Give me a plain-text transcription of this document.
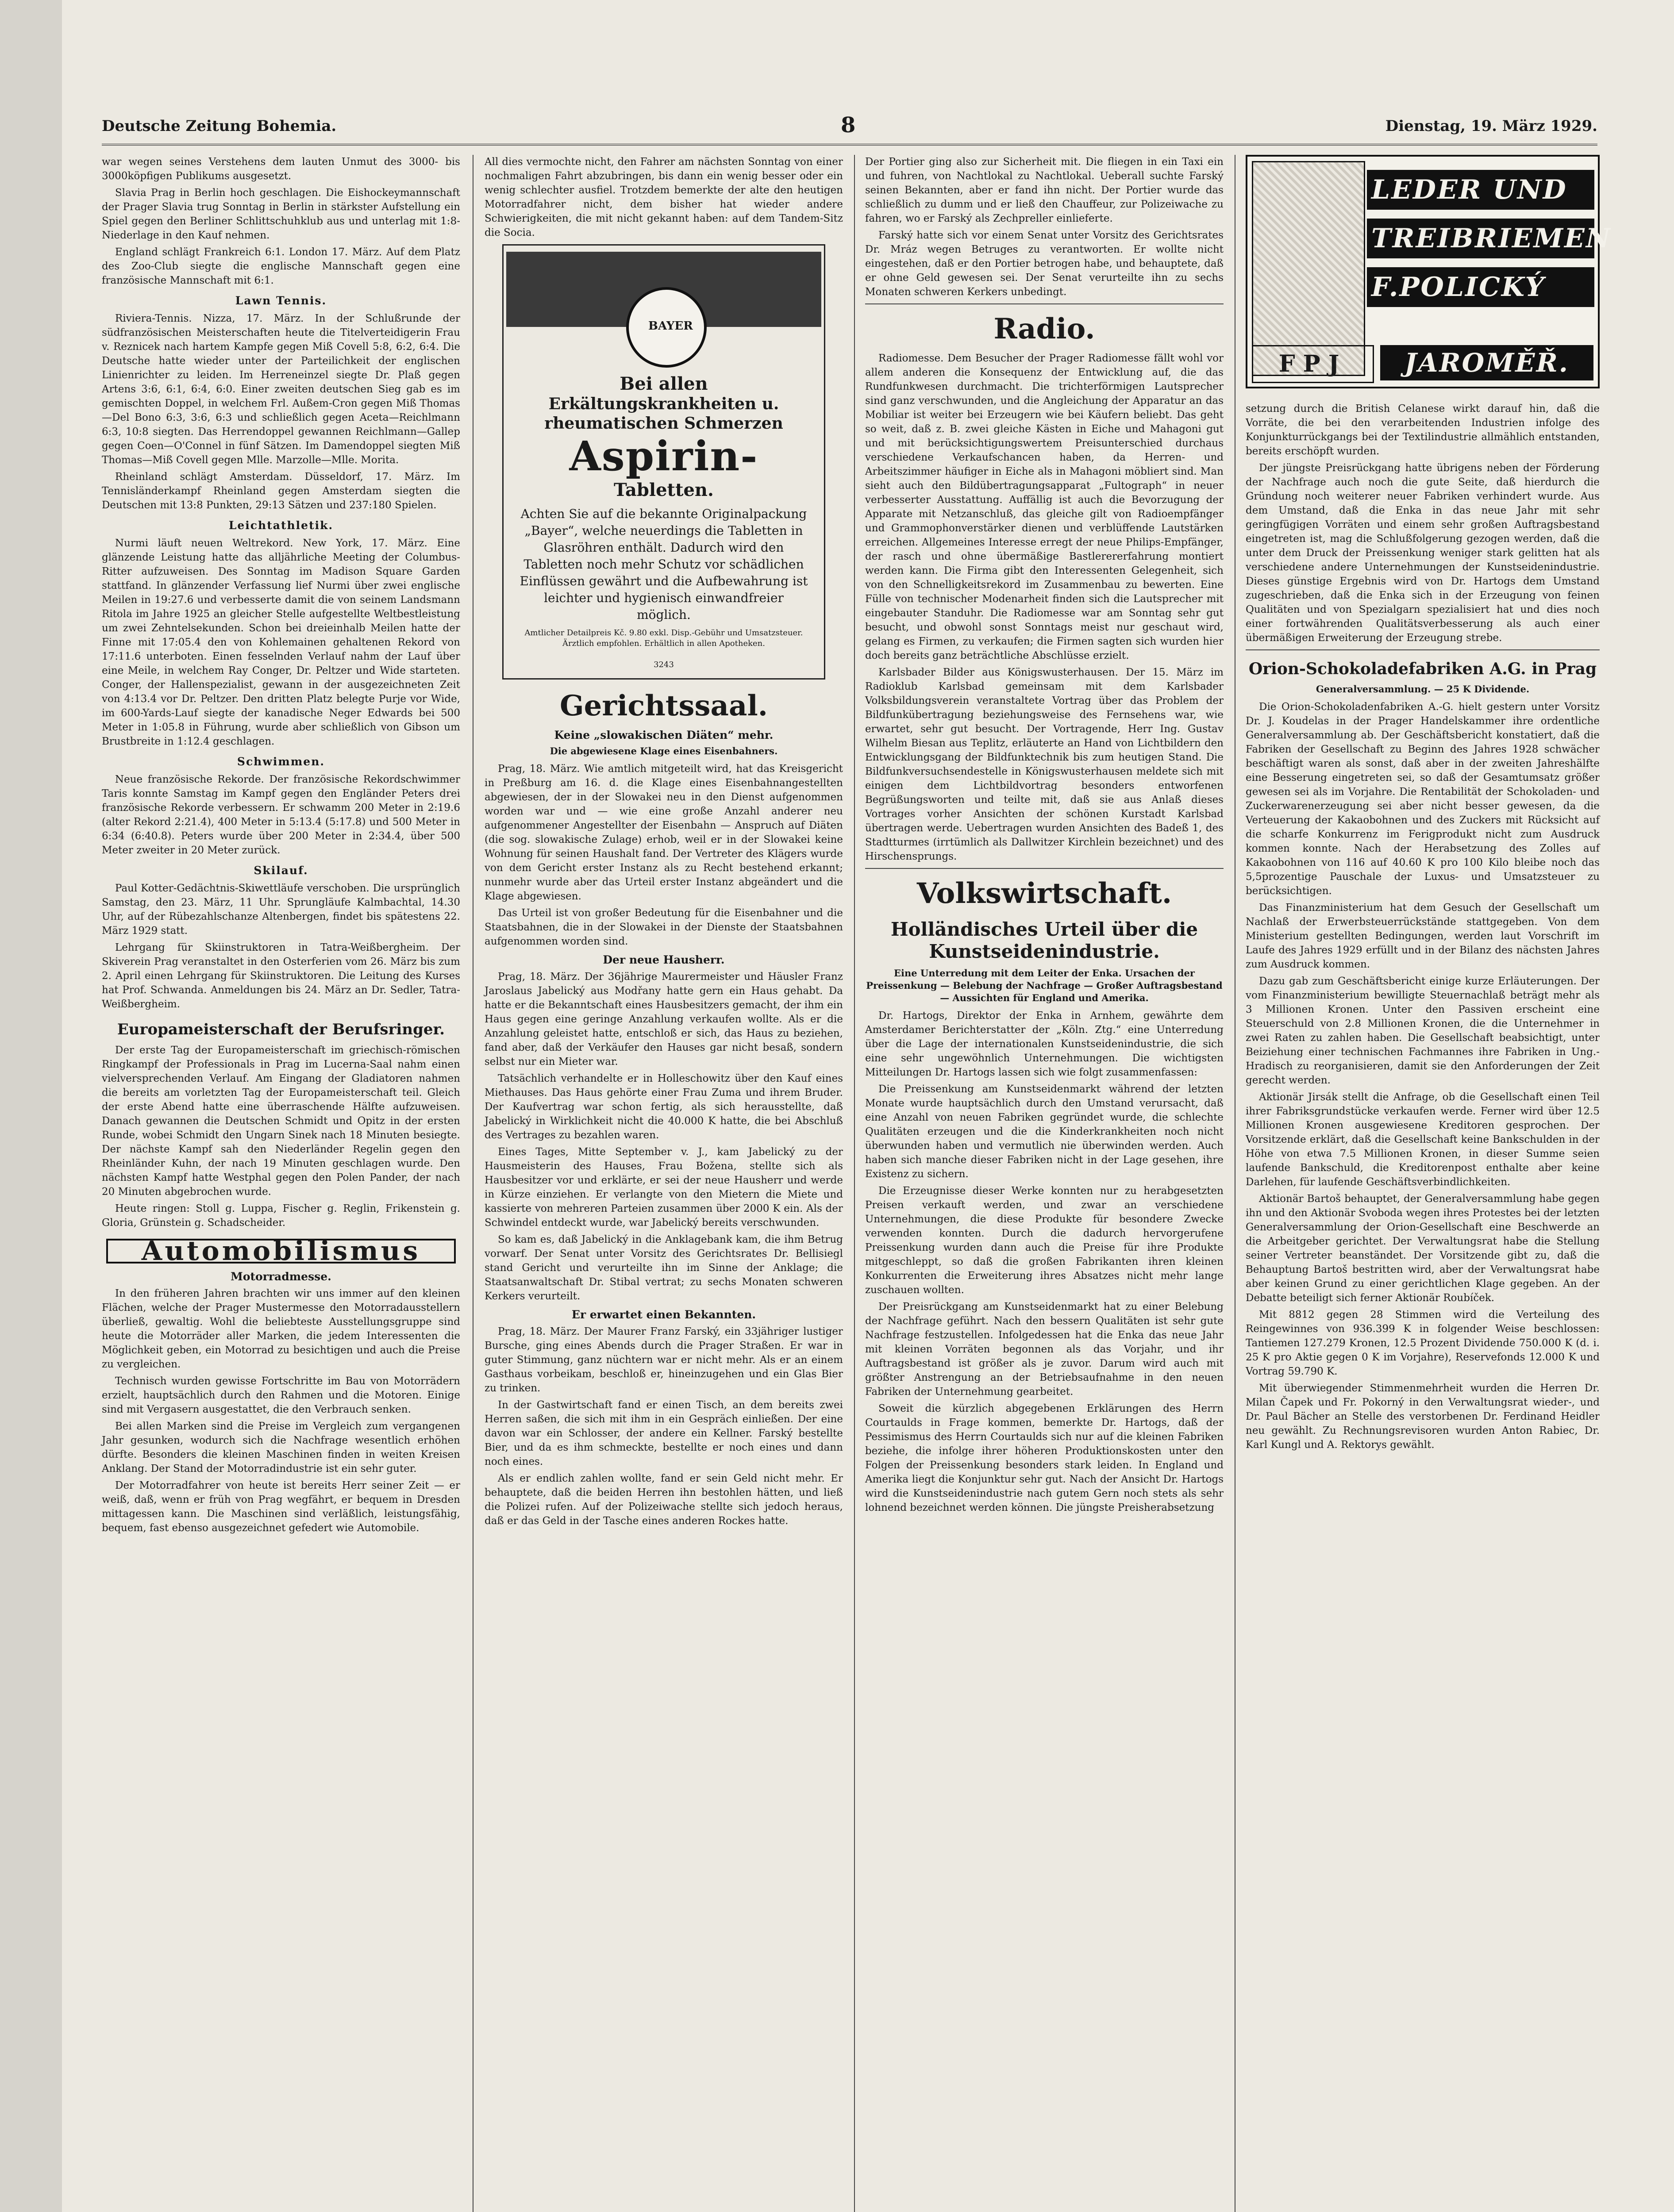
Deutsche Zeitung Bohemia.	8	Dienstag, 19. März 1929.

war wegen seines Verstehens dem lauten Unmut des 3000- bis 3000köpfigen Publikums ausgesetzt.

Slavia Prag in Berlin hoch geschlagen. Die Eishockeymannschaft der Prager Slavia trug Sonntag in Berlin in stärkster Aufstellung ein Spiel gegen den Berliner Schlittschuhklub aus und unterlag mit 1:8-Niederlage in den Kauf nehmen.

England schlägt Frankreich 6:1. London 17. März. Auf dem Platz des Zoo-Club siegte die englische Mannschaft gegen eine französische Mannschaft mit 6:1.

Lawn Tennis.

Riviera-Tennis. Nizza, 17. März. In der Schlußrunde der südfranzösischen Meisterschaften heute die Titelverteidigerin Frau v. Reznicek nach hartem Kampfe gegen Miß Covell 5:8, 6:2, 6:4. Die Deutsche hatte wieder unter der Parteilichkeit der englischen Linienrichter zu leiden. Im Herreneinzel siegte Dr. Plaß gegen Artens 3:6, 6:1, 6:4, 6:0. Einer zweiten deutschen Sieg gab es im gemischten Doppel, in welchem Frl. Außem-Cron gegen Miß Thomas—Del Bono 6:3, 3:6, 6:3 und schließlich gegen Aceta—Reichlmann 6:3, 10:8 siegten. Das Herrendoppel gewannen Reichlmann—Gallep gegen Coen—O'Connel in fünf Sätzen. Im Damendoppel siegten Miß Thomas—Miß Covell gegen Mlle. Marzolle—Mlle. Morita.

Rheinland schlägt Amsterdam. Düsseldorf, 17. März. Im Tennisländerkampf Rheinland gegen Amsterdam siegten die Deutschen mit 13:8 Punkten, 29:13 Sätzen und 237:180 Spielen.

Leichtathletik.

Nurmi läuft neuen Weltrekord. New York, 17. März. Eine glänzende Leistung hatte das alljährliche Meeting der Columbus-Ritter aufzuweisen. Des Sonntag im Madison Square Garden stattfand. In glänzender Verfassung lief Nurmi über zwei englische Meilen in 19:27.6 und verbesserte damit die von seinem Landsmann Ritola im Jahre 1925 an gleicher Stelle aufgestellte Weltbestleistung um zwei Zehntelsekunden. Schon bei dreieinhalb Meilen hatte der Finne mit 17:05.4 den von Kohlemainen gehaltenen Rekord von 17:11.6 unterboten. Einen fesselnden Verlauf nahm der Lauf über eine Meile, in welchem Ray Conger, Dr. Peltzer und Wide starteten. Conger, der Hallenspezialist, gewann in der ausgezeichneten Zeit von 4:13.4 vor Dr. Peltzer. Den dritten Platz belegte Purje vor Wide, im 600-Yards-Lauf siegte der kanadische Neger Edwards bei 500 Meter in 1:05.8 in Führung, wurde aber schließlich von Gibson um Brustbreite in 1:12.4 geschlagen.

Schwimmen.

Neue französische Rekorde. Der französische Rekordschwimmer Taris konnte Samstag im Kampf gegen den Engländer Peters drei französische Rekorde verbessern. Er schwamm 200 Meter in 2:19.6 (alter Rekord 2:21.4), 400 Meter in 5:13.4 (5:17.8) und 500 Meter in 6:34 (6:40.8). Peters wurde über 200 Meter in 2:34.4, über 500 Meter zweiter in 20 Meter zurück.

Skilauf.

Paul Kotter-Gedächtnis-Skiwettläufe verschoben. Die ursprünglich Samstag, den 23. März, 11 Uhr. Sprungläufe Kalmbachtal, 14.30 Uhr, auf der Rübezahlschanze Altenbergen, findet bis spätestens 22. März 1929 statt.

Lehrgang für Skiinstruktoren in Tatra-Weißbergheim. Der Skiverein Prag veranstaltet in den Osterferien vom 26. März bis zum 2. April einen Lehrgang für Skiinstruktoren. Die Leitung des Kurses hat Prof. Schwanda. Anmeldungen bis 24. März an Dr. Sedler, Tatra-Weißbergheim.

Europameisterschaft der Berufsringer.

Der erste Tag der Europameisterschaft im griechisch-römischen Ringkampf der Professionals in Prag im Lucerna-Saal nahm einen vielversprechenden Verlauf. Am Eingang der Gladiatoren nahmen die bereits am vorletzten Tag der Europameisterschaft teil. Gleich der erste Abend hatte eine überraschende Hälfte aufzuweisen. Danach gewannen die Deutschen Schmidt und Opitz in der ersten Runde, wobei Schmidt den Ungarn Sinek nach 18 Minuten besiegte. Der nächste Kampf sah den Niederländer Regelin gegen den Rheinländer Kuhn, der nach 19 Minuten geschlagen wurde. Den nächsten Kampf hatte Westphal gegen den Polen Pander, der nach 20 Minuten abgebrochen wurde.

Heute ringen: Stoll g. Luppa, Fischer g. Reglin, Frikenstein g. Gloria, Grünstein g. Schadscheider.

Automobilismus
Motorradmesse.

In den früheren Jahren brachten wir uns immer auf den kleinen Flächen, welche der Prager Mustermesse den Motorradausstellern überließ, gewaltig. Wohl die beliebteste Ausstellungsgruppe sind heute die Motorräder aller Marken, die jedem Interessenten die Möglichkeit geben, ein Motorrad zu besichtigen und auch die Preise zu vergleichen.

Technisch wurden gewisse Fortschritte im Bau von Motorrädern erzielt, hauptsächlich durch den Rahmen und die Motoren. Einige sind mit Vergasern ausgestattet, die den Verbrauch senken.

Bei allen Marken sind die Preise im Vergleich zum vergangenen Jahr gesunken, wodurch sich die Nachfrage wesentlich erhöhen dürfte. Besonders die kleinen Maschinen finden in weiten Kreisen Anklang. Der Stand der Motorradindustrie ist ein sehr guter.

Der Motorradfahrer von heute ist bereits Herr seiner Zeit — er weiß, daß, wenn er früh von Prag wegfährt, er bequem in Dresden mittagessen kann. Die Maschinen sind verläßlich, leistungsfähig, bequem, fast ebenso ausgezeichnet gefedert wie Automobile.

All dies vermochte nicht, den Fahrer am nächsten Sonntag von einer nochmaligen Fahrt abzubringen, bis dann ein wenig besser oder ein wenig schlechter ausfiel. Trotzdem bemerkte der alte den heutigen Motorradfahrer nicht, dem bisher hat wieder andere Schwierigkeiten, die mit nicht gekannt haben: auf dem Tandem-Sitz die Socia.

BAYER
Bei allen
Erkältungskrankheiten u. rheumatischen Schmerzen
Aspirin-
Tabletten.
Achten Sie auf die bekannte Originalpackung „Bayer“, welche neuerdings die Tabletten in Glasröhren enthält. Dadurch wird den Tabletten noch mehr Schutz vor schädlichen Einflüssen gewährt und die Aufbewahrung ist leichter und hygienisch einwandfreier möglich.
Amtlicher Detailpreis Kč. 9.80 exkl. Disp.-Gebühr und Umsatzsteuer. Ärztlich empfohlen. Erhältlich in allen Apotheken.
3243
Gerichtssaal.
Keine „slowakischen Diäten“ mehr.
Die abgewiesene Klage eines Eisenbahners.

Prag, 18. März. Wie amtlich mitgeteilt wird, hat das Kreisgericht in Preßburg am 16. d. die Klage eines Eisenbahnangestellten abgewiesen, der in der Slowakei neu in den Dienst aufgenommen worden war und — wie eine große Anzahl anderer neu aufgenommener Angestellter der Eisenbahn — Anspruch auf Diäten (die sog. slowakische Zulage) erhob, weil er in der Slowakei keine Wohnung für seinen Haushalt fand. Der Vertreter des Klägers wurde von dem Gericht erster Instanz als zu Recht bestehend erkannt; nunmehr wurde aber das Urteil erster Instanz abgeändert und die Klage abgewiesen.

Das Urteil ist von großer Bedeutung für die Eisenbahner und die Staatsbahnen, die in der Slowakei in der Dienste der Staatsbahnen aufgenommen worden sind.

Der neue Hausherr.

Prag, 18. März. Der 36jährige Maurermeister und Häusler Franz Jaroslaus Jabelický aus Modřany hatte gern ein Haus gehabt. Da hatte er die Bekanntschaft eines Hausbesitzers gemacht, der ihm ein Haus gegen eine geringe Anzahlung verkaufen wollte. Als er die Anzahlung geleistet hatte, entschloß er sich, das Haus zu beziehen, fand aber, daß der Verkäufer den Hauses gar nicht besaß, sondern selbst nur ein Mieter war.

Tatsächlich verhandelte er in Holleschowitz über den Kauf eines Miethauses. Das Haus gehörte einer Frau Zuma und ihrem Bruder. Der Kaufvertrag war schon fertig, als sich herausstellte, daß Jabelický in Wirklichkeit nicht die 40.000 K hatte, die bei Abschluß des Vertrages zu bezahlen waren.

Eines Tages, Mitte September v. J., kam Jabelický zu der Hausmeisterin des Hauses, Frau Božena, stellte sich als Hausbesitzer vor und erklärte, er sei der neue Hausherr und werde in Kürze einziehen. Er verlangte von den Mietern die Miete und kassierte von mehreren Parteien zusammen über 2000 K ein. Als der Schwindel entdeckt wurde, war Jabelický bereits verschwunden.

So kam es, daß Jabelický in die Anklagebank kam, die ihm Betrug vorwarf. Der Senat unter Vorsitz des Gerichtsrates Dr. Bellisiegl stand Gericht und verurteilte ihn im Sinne der Anklage; die Staatsanwaltschaft Dr. Stibal vertrat; zu sechs Monaten schweren Kerkers verurteilt.

Er erwartet einen Bekannten.

Prag, 18. März. Der Maurer Franz Farský, ein 33jähriger lustiger Bursche, ging eines Abends durch die Prager Straßen. Er war in guter Stimmung, ganz nüchtern war er nicht mehr. Als er an einem Gasthaus vorbeikam, beschloß er, hineinzugehen und ein Glas Bier zu trinken.

In der Gastwirtschaft fand er einen Tisch, an dem bereits zwei Herren saßen, die sich mit ihm in ein Gespräch einließen. Der eine davon war ein Schlosser, der andere ein Kellner. Farský bestellte Bier, und da es ihm schmeckte, bestellte er noch eines und dann noch eines.

Als er endlich zahlen wollte, fand er sein Geld nicht mehr. Er behauptete, daß die beiden Herren ihn bestohlen hätten, und ließ die Polizei rufen. Auf der Polizeiwache stellte sich jedoch heraus, daß er das Geld in der Tasche eines anderen Rockes hatte.

Der Portier ging also zur Sicherheit mit. Die fliegen in ein Taxi ein und fuhren, von Nachtlokal zu Nachtlokal. Ueberall suchte Farský seinen Bekannten, aber er fand ihn nicht. Der Portier wurde das schließlich zu dumm und er ließ den Chauffeur, zur Polizeiwache zu fahren, wo er Farský als Zechpreller einlieferte.

Farský hatte sich vor einem Senat unter Vorsitz des Gerichtsrates Dr. Mráz wegen Betruges zu verantworten. Er wollte nicht eingestehen, daß er den Portier betrogen habe, und behauptete, daß er ohne Geld gewesen sei. Der Senat verurteilte ihn zu sechs Monaten schweren Kerkers unbedingt.

Radio.

Radiomesse. Dem Besucher der Prager Radiomesse fällt wohl vor allem anderen die Konsequenz der Entwicklung auf, die das Rundfunkwesen durchmacht. Die trichterförmigen Lautsprecher sind ganz verschwunden, und die Angleichung der Apparatur an das Mobiliar ist weiter bei Erzeugern wie bei Käufern beliebt. Das geht so weit, daß z. B. zwei gleiche Kästen in Eiche und Mahagoni gut und mit berücksichtigungswertem Preisunterschied durchaus verschiedene Verkaufschancen haben, da Herren- und Arbeitszimmer häufiger in Eiche als in Mahagoni möbliert sind. Man sieht auch den Bildübertragungsapparat „Fultograph“ in neuer verbesserter Ausstattung. Auffällig ist auch die Bevorzugung der Apparate mit Netzanschluß, das gleiche gilt von Radioempfänger und Grammophonverstärker dienen und verblüffende Lautstärken erreichen. Allgemeines Interesse erregt der neue Philips-Empfänger, der rasch und ohne übermäßige Bastlerererfahrung montiert werden kann. Die Firma gibt den Interessenten Gelegenheit, sich von den Schnelligkeitsrekord im Zusammenbau zu bewerten. Eine Fülle von technischer Modenarheit finden sich die Lautsprecher mit eingebauter Standuhr. Die Radiomesse war am Sonntag sehr gut besucht, und obwohl sonst Sonntags meist nur geschaut wird, gelang es Firmen, zu verkaufen; die Firmen sagten sich wurden hier doch bereits ganz beträchtliche Abschlüsse erzielt.

Karlsbader Bilder aus Königswusterhausen. Der 15. März im Radioklub Karlsbad gemeinsam mit dem Karlsbader Volksbildungsverein veranstaltete Vortrag über das Problem der Bildfunkübertragung beziehungsweise des Fernsehens war, wie erwartet, sehr gut besucht. Der Vortragende, Herr Ing. Gustav Wilhelm Biesan aus Teplitz, erläuterte an Hand von Lichtbildern den Entwicklungsgang der Bildfunktechnik bis zum heutigen Stand. Die Bildfunkversuchsendestelle in Königswusterhausen meldete sich mit einigen dem Lichtbildvortrag besonders entworfenen Begrüßungsworten und teilte mit, daß sie aus Anlaß dieses Vortrages vorher Ansichten der schönen Kurstadt Karlsbad übertragen werde. Uebertragen wurden Ansichten des Badeß 1, des Stadtturmes (irrtümlich als Dallwitzer Kirchlein bezeichnet) und des Hirschensprungs.

Volkswirtschaft.
Holländisches Urteil über die Kunstseidenindustrie.
Eine Unterredung mit dem Leiter der Enka. Ursachen der Preissenkung — Belebung der Nachfrage — Großer Auftragsbestand — Aussichten für England und Amerika.

Dr. Hartogs, Direktor der Enka in Arnhem, gewährte dem Amsterdamer Berichterstatter der „Köln. Ztg.“ eine Unterredung über die Lage der internationalen Kunstseidenindustrie, die sich eine sehr ungewöhnlich Unternehmungen. Die wichtigsten Mitteilungen Dr. Hartogs lassen sich wie folgt zusammenfassen:

Die Preissenkung am Kunstseidenmarkt während der letzten Monate wurde hauptsächlich durch den Umstand verursacht, daß eine Anzahl von neuen Fabriken gegründet wurde, die schlechte Qualitäten erzeugen und die die Kinderkrankheiten noch nicht überwunden haben und vermutlich nie überwinden werden. Auch haben sich manche dieser Fabriken nicht in der Lage gesehen, ihre Existenz zu sichern.

Die Erzeugnisse dieser Werke konnten nur zu herabgesetzten Preisen verkauft werden, und zwar an verschiedene Unternehmungen, die diese Produkte für besondere Zwecke verwenden konnten. Durch die dadurch hervorgerufene Preissenkung wurden dann auch die Preise für ihre Produkte mitgeschleppt, so daß die großen Fabrikanten ihren kleinen Konkurrenten die Erweiterung ihres Absatzes nicht mehr lange zuschauen wollten.

Der Preisrückgang am Kunstseidenmarkt hat zu einer Belebung der Nachfrage geführt. Nach den bessern Qualitäten ist sehr gute Nachfrage festzustellen. Infolgedessen hat die Enka das neue Jahr mit kleinen Vorräten begonnen als das Vorjahr, und ihr Auftragsbestand ist größer als je zuvor. Darum wird auch mit größter Anstrengung an der Betriebsaufnahme in den neuen Fabriken der Unternehmung gearbeitet.

Soweit die kürzlich abgegebenen Erklärungen des Herrn Courtaulds in Frage kommen, bemerkte Dr. Hartogs, daß der Pessimismus des Herrn Courtaulds sich nur auf die kleinen Fabriken beziehe, die infolge ihrer höheren Produktionskosten unter den Folgen der Preissenkung besonders stark leiden. In England und Amerika liegt die Konjunktur sehr gut. Nach der Ansicht Dr. Hartogs wird die Kunstseidenindustrie nach gutem Gern noch stets als sehr lohnend bezeichnet werden können. Die jüngste Preisherabsetzung

LEDER UND
TREIBRIEMEN
F.POLICKÝ
FPJ	JAROMĚŘ.

setzung durch die British Celanese wirkt darauf hin, daß die Vorräte, die bei den verarbeitenden Industrien infolge des Konjunkturrückgangs bei der Textilindustrie allmählich entstanden, bereits erschöpft wurden.

Der jüngste Preisrückgang hatte übrigens neben der Förderung der Nachfrage auch noch die gute Seite, daß hierdurch die Gründung noch weiterer neuer Fabriken verhindert wurde. Aus dem Umstand, daß die Enka in das neue Jahr mit sehr geringfügigen Vorräten und einem sehr großen Auftragsbestand eingetreten ist, mag die Schlußfolgerung gezogen werden, daß die unter dem Druck der Preissenkung weniger stark gelitten hat als verschiedene andere Unternehmungen der Kunstseidenindustrie. Dieses günstige Ergebnis wird von Dr. Hartogs dem Umstand zugeschrieben, daß die Enka sich in der Erzeugung von feinen Qualitäten und von Spezialgarn spezialisiert hat und dies noch einer fortwährenden Qualitätsverbesserung als auch einer übermäßigen Erweiterung der Erzeugung strebe.

Orion-Schokoladefabriken A.G. in Prag
Generalversammlung. — 25 K Dividende.

Die Orion-Schokoladenfabriken A.-G. hielt gestern unter Vorsitz Dr. J. Koudelas in der Prager Handelskammer ihre ordentliche Generalversammlung ab. Der Geschäftsbericht konstatiert, daß die Fabriken der Gesellschaft zu Beginn des Jahres 1928 schwächer beschäftigt waren als sonst, daß aber in der zweiten Jahreshälfte eine Besserung eingetreten sei, so daß der Gesamtumsatz größer gewesen sei als im Vorjahre. Die Rentabilität der Schokoladen- und Zuckerwarenerzeugung sei aber nicht besser gewesen, da die Verteuerung der Kakaobohnen und des Zuckers mit Rücksicht auf die scharfe Konkurrenz im Ferigprodukt nicht zum Ausdruck kommen konnte. Nach der Herabsetzung des Zolles auf Kakaobohnen von 116 auf 40.60 K pro 100 Kilo bleibe noch das 5,5prozentige Pauschale der Luxus- und Umsatzsteuer zu berücksichtigen.

Das Finanzministerium hat dem Gesuch der Gesellschaft um Nachlaß der Erwerbsteuerrückstände stattgegeben. Von dem Ministerium gestellten Bedingungen, werden laut Vorschrift im Laufe des Jahres 1929 erfüllt und in der Bilanz des nächsten Jahres zum Ausdruck kommen.

Dazu gab zum Geschäftsbericht einige kurze Erläuterungen. Der vom Finanzministerium bewilligte Steuernachlaß beträgt mehr als 3 Millionen Kronen. Unter den Passiven erscheint eine Steuerschuld von 2.8 Millionen Kronen, die die Unternehmer in zwei Raten zu zahlen haben. Die Gesellschaft beabsichtigt, unter Beiziehung einer technischen Fachmannes ihre Fabriken in Ung.-Hradisch zu reorganisieren, damit sie den Anforderungen der Zeit gerecht werden.

Aktionär Jirsák stellt die Anfrage, ob die Gesellschaft einen Teil ihrer Fabriksgrundstücke verkaufen werde. Ferner wird über 12.5 Millionen Kronen ausgewiesene Kreditoren gesprochen. Der Vorsitzende erklärt, daß die Gesellschaft keine Bankschulden in der Höhe von etwa 7.5 Millionen Kronen, in dieser Summe seien laufende Bankschuld, die Kreditorenpost enthalte aber keine Darlehen, für laufende Geschäftsverbindlichkeiten.

Aktionär Bartoš behauptet, der Generalversammlung habe gegen ihn und den Aktionär Svoboda wegen ihres Protestes bei der letzten Generalversammlung der Orion-Gesellschaft eine Beschwerde an die Arbeitgeber gerichtet. Der Verwaltungsrat habe die Stellung seiner Vertreter beanständet. Der Vorsitzende gibt zu, daß die Behauptung Bartoš bestritten wird, aber der Verwaltungsrat habe aber keinen Grund zu einer gerichtlichen Klage gegeben. An der Debatte beteiligt sich ferner Aktionär Roubíček.

Mit 8812 gegen 28 Stimmen wird die Verteilung des Reingewinnes von 936.399 K in folgender Weise beschlossen: Tantiemen 127.279 Kronen, 12.5 Prozent Dividende 750.000 K (d. i. 25 K pro Aktie gegen 0 K im Vorjahre), Reservefonds 12.000 K und Vortrag 59.790 K.

Mit überwiegender Stimmenmehrheit wurden die Herren Dr. Milan Čapek und Fr. Pokorný in den Verwaltungsrat wieder-, und Dr. Paul Bächer an Stelle des verstorbenen Dr. Ferdinand Heidler neu gewählt. Zu Rechnungsrevisoren wurden Anton Rabiec, Dr. Karl Kungl und A. Rektorys gewählt.
